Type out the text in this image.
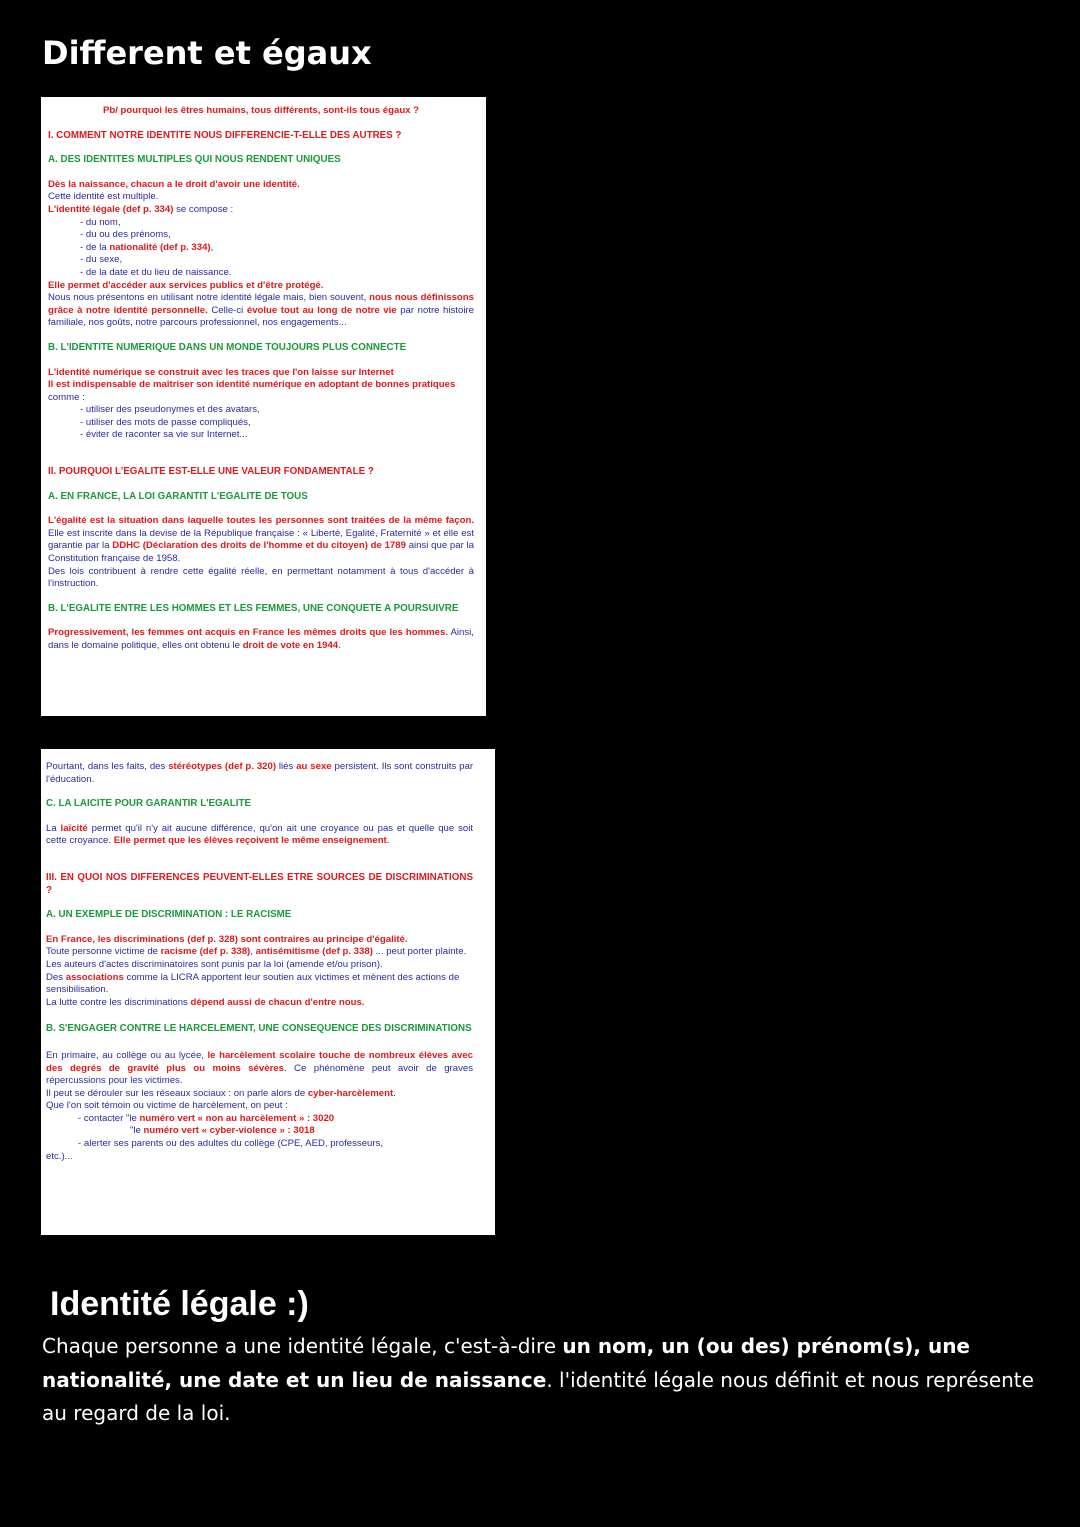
Different et égaux

Pb/ pourquoi les êtres humains, tous différents, sont-ils tous égaux ?

I. COMMENT NOTRE IDENTITE NOUS DIFFERENCIE-T-ELLE DES AUTRES ?

A. DES IDENTITES MULTIPLES QUI NOUS RENDENT UNIQUES

Dès la naissance, chacun a le droit d'avoir une identité.

Cette identité est multiple.

L'identité légale (def p. 334) se compose :

- du nom,

- du ou des prénoms,

- de la nationalité (def p. 334),

- du sexe,

- de la date et du lieu de naissance.

Elle permet d'accéder aux services publics et d'être protégé.

Nous nous présentons en utilisant notre identité légale mais, bien souvent, nous nous définissons grâce à notre identité personnelle. Celle-ci évolue tout au long de notre vie par notre histoire familiale, nos goûts, notre parcours professionnel, nos engagements...

B. L'IDENTITE NUMERIQUE DANS UN MONDE TOUJOURS PLUS CONNECTE

L'identité numérique se construit avec les traces que l'on laisse sur Internet

Il est indispensable de maîtriser son identité numérique en adoptant de bonnes pratiques comme :

- utiliser des pseudonymes et des avatars,

- utiliser des mots de passe compliqués,

- éviter de raconter sa vie sur Internet...

II. POURQUOI L'EGALITE EST-ELLE UNE VALEUR FONDAMENTALE ?

A. EN FRANCE, LA LOI GARANTIT L'EGALITE DE TOUS

L'égalité est la situation dans laquelle toutes les personnes sont traitées de la même façon. Elle est inscrite dans la devise de la République française : « Liberté, Egalité, Fraternité » et elle est garantie par la DDHC (Déclaration des droits de l'homme et du citoyen) de 1789 ainsi que par la Constitution française de 1958.

Des lois contribuent à rendre cette égalité réelle, en permettant notamment à tous d'accéder à l'instruction.

B. L'EGALITE ENTRE LES HOMMES ET LES FEMMES, UNE CONQUETE A POURSUIVRE

Progressivement, les femmes ont acquis en France les mêmes droits que les hommes. Ainsi, dans le domaine politique, elles ont obtenu le droit de vote en 1944.

Pourtant, dans les faits, des stéréotypes (def p. 320) liés au sexe persistent. Ils sont construits par l'éducation.

C. LA LAICITE POUR GARANTIR L'EGALITE

La laïcité permet qu'il n'y ait aucune différence, qu'on ait une croyance ou pas et quelle que soit cette croyance. Elle permet que les élèves reçoivent le même enseignement.

III. EN QUOI NOS DIFFERENCES PEUVENT-ELLES ETRE SOURCES DE DISCRIMINATIONS ?

A. UN EXEMPLE DE DISCRIMINATION : LE RACISME

En France, les discriminations (def p. 328) sont contraires au principe d'égalité.

Toute personne victime de racisme (def p. 338), antisémitisme (def p. 338) ... peut porter plainte.

Les auteurs d'actes discriminatoires sont punis par la loi (amende et/ou prison).

Des associations comme la LICRA apportent leur soutien aux victimes et mènent des actions de sensibilisation.

La lutte contre les discriminations dépend aussi de chacun d'entre nous.

B. S'ENGAGER CONTRE LE HARCELEMENT, UNE CONSEQUENCE DES DISCRIMINATIONS

En primaire, au collège ou au lycée, le harcèlement scolaire touche de nombreux élèves avec des degrés de gravité plus ou moins sévères. Ce phénomène peut avoir de graves répercussions pour les victimes.

Il peut se dérouler sur les réseaux sociaux : on parle alors de cyber-harcèlement.

Que l'on soit témoin ou victime de harcèlement, on peut :

- contacter "le numéro vert « non au harcèlement » : 3020

"le numéro vert « cyber-violence » : 3018

- alerter ses parents ou des adultes du collège (CPE, AED, professeurs,

etc.)...

Identité légale :)
Chaque personne a une identité légale, c'est-à-dire un nom, un (ou des) prénom(s), une nationalité, une date et un lieu de naissance. l'identité légale nous définit et nous représente au regard de la loi.
